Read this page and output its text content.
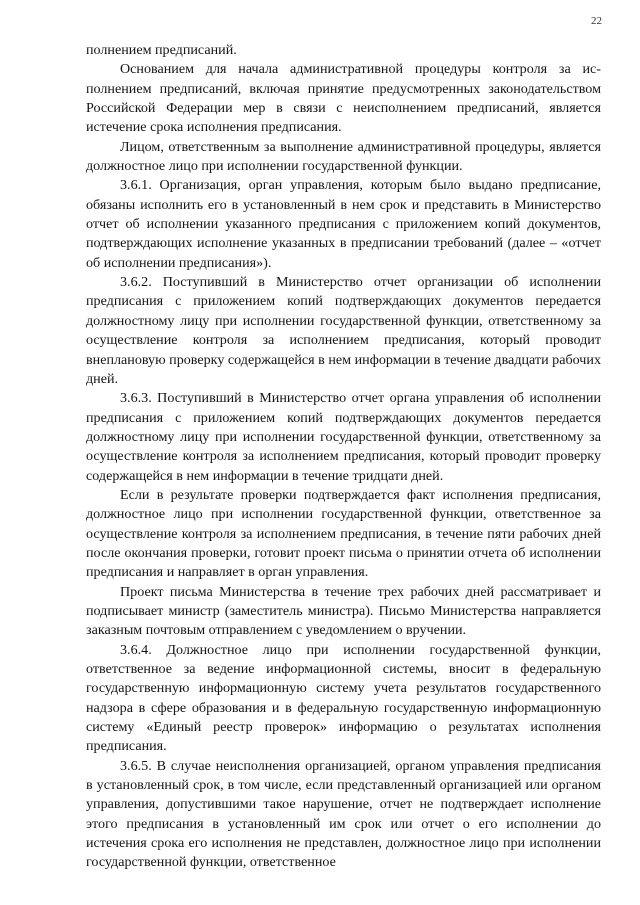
22

полнением предписаний.

Основанием для начала административной процедуры контроля за исполнением предписаний, включая принятие предусмотренных законодательством Российской Федерации мер в связи с неисполнением предписаний, является истечение срока исполнения предписания.

Лицом, ответственным за выполнение административной процедуры, является должностное лицо при исполнении государственной функции.

3.6.1. Организация, орган управления, которым было выдано предписание, обязаны исполнить его в установленный в нем срок и представить в Министерство отчет об исполнении указанного предписания с приложением копий документов, подтверждающих исполнение указанных в предписании требований (далее – «отчет об исполнении предписания»).

3.6.2. Поступивший в Министерство отчет организации об исполнении предписания с приложением копий подтверждающих документов передается должностному лицу при исполнении государственной функции, ответственному за осуществление контроля за исполнением предписания, который проводит внеплановую проверку содержащейся в нем информации в течение двадцати рабочих дней.

3.6.3. Поступивший в Министерство отчет органа управления об исполнении предписания с приложением копий подтверждающих документов передается должностному лицу при исполнении государственной функции, ответственному за осуществление контроля за исполнением предписания, который проводит проверку содержащейся в нем информации в течение тридцати дней.

Если в результате проверки подтверждается факт исполнения предписания, должностное лицо при исполнении государственной функции, ответственное за осуществление контроля за исполнением предписания, в течение пяти рабочих дней после окончания проверки, готовит проект письма о принятии отчета об исполнении предписания и направляет в орган управления.

Проект письма Министерства в течение трех рабочих дней рассматривает и подписывает министр (заместитель министра). Письмо Министерства направляется заказным почтовым отправлением с уведомлением о вручении.

3.6.4. Должностное лицо при исполнении государственной функции, ответственное за ведение информационной системы, вносит в федеральную государственную информационную систему учета результатов государственного надзора в сфере образования и в федеральную государственную информационную систему «Единый реестр проверок» информацию о результатах исполнения предписания.

3.6.5. В случае неисполнения организацией, органом управления предписания в установленный срок, в том числе, если представленный организацией или органом управления, допустившими такое нарушение, отчет не подтверждает исполнение этого предписания в установленный им срок или отчет о его исполнении до истечения срока его исполнения не представлен, должностное лицо при исполнении государственной функции, ответственное
